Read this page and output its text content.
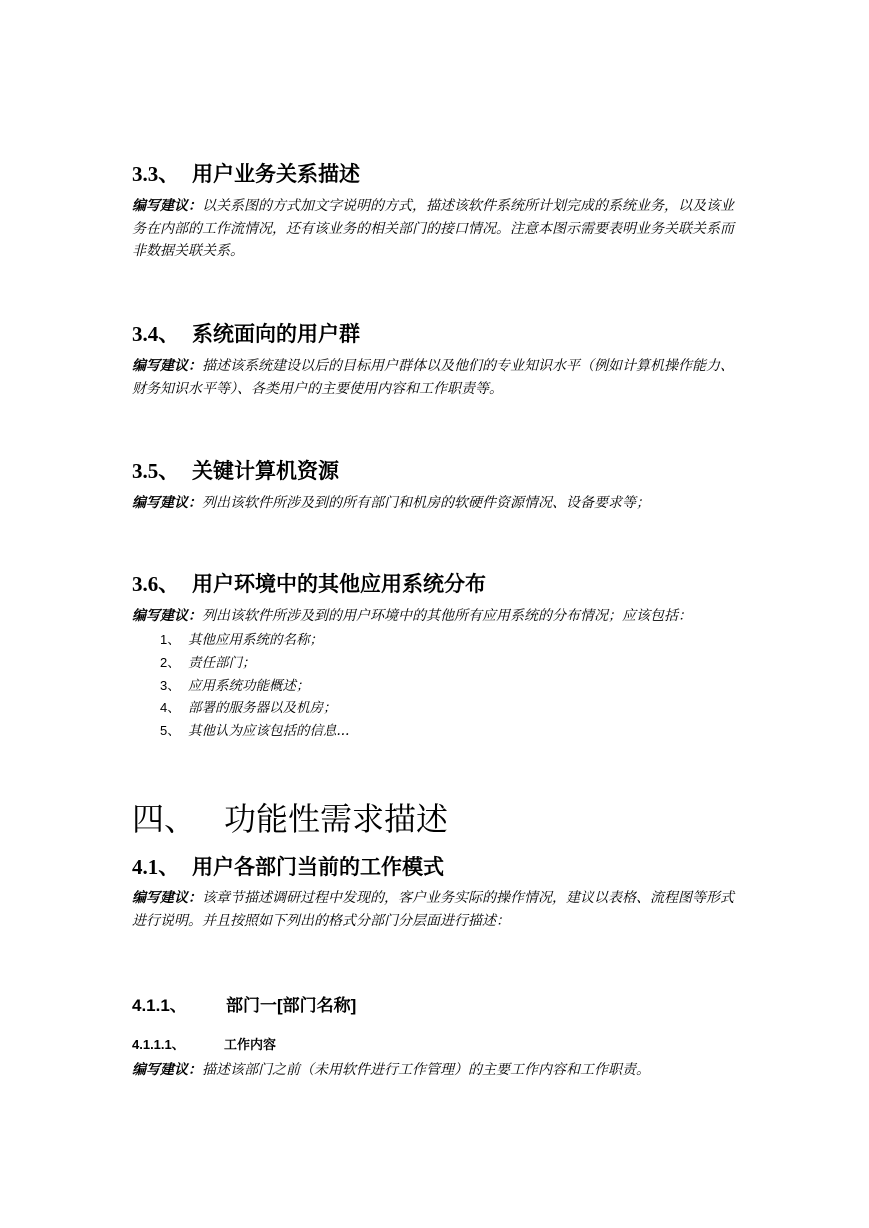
3.3、 用户业务关系描述
编写建议：以关系图的方式加文字说明的方式，描述该软件系统所计划完成的系统业务，以及该业务在内部的工作流情况，还有该业务的相关部门的接口情况。注意本图示需要表明业务关联关系而非数据关联关系。
3.4、 系统面向的用户群
编写建议：描述该系统建设以后的目标用户群体以及他们的专业知识水平（例如计算机操作能力、财务知识水平等）、各类用户的主要使用内容和工作职责等。
3.5、 关键计算机资源
编写建议：列出该软件所涉及到的所有部门和机房的软硬件资源情况、设备要求等；
3.6、 用户环境中的其他应用系统分布
编写建议：列出该软件所涉及到的用户环境中的其他所有应用系统的分布情况；应该包括：
1、 其他应用系统的名称；
2、 责任部门；
3、 应用系统功能概述；
4、 部署的服务器以及机房；
5、 其他认为应该包括的信息...
四、 功能性需求描述
4.1、 用户各部门当前的工作模式
编写建议：该章节描述调研过程中发现的，客户业务实际的操作情况，建议以表格、流程图等形式进行说明。并且按照如下列出的格式分部门分层面进行描述：
4.1.1、 部门一[部门名称]
4.1.1.1、	工作内容
编写建议：描述该部门之前（未用软件进行工作管理）的主要工作内容和工作职责。
